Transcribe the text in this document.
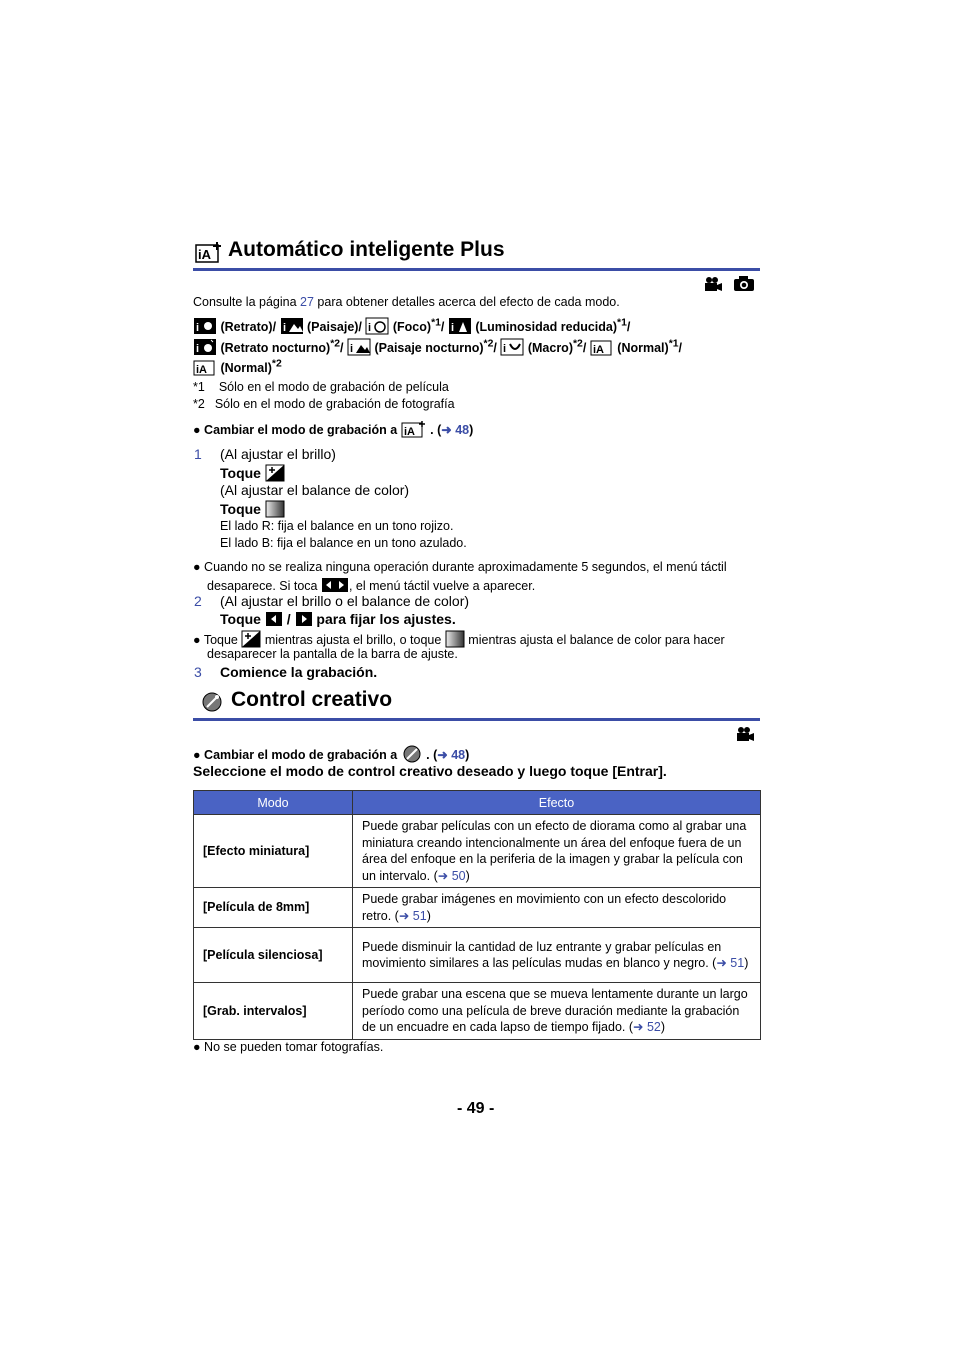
iA Automático inteligente Plus
Consulte la página 27 para obtener detalles acerca del efecto de cada modo.
i (Retrato)/ i (Paisaje)/ i (Foco)$^{*1}$/ i (Luminosidad reducida)$^{*1}$/
i (Retrato nocturno)$^{*2}$/ i (Paisaje nocturno)$^{*2}$/ i (Macro)$^{*2}$/ iA (Normal)$^{*1}$/
iA (Normal)$^{*2}$
*1 Sólo en el modo de grabación de película
*2 Sólo en el modo de grabación de fotografía
● Cambiar el modo de grabación a iA . (➜ 48)
1 (Al ajustar el brillo)
Toque
(Al ajustar el balance de color)
Toque
El lado R: fija el balance en un tono rojizo.
El lado B: fija el balance en un tono azulado.
● Cuando no se realiza ninguna operación durante aproximadamente 5 segundos, el menú táctil
desaparece. Si toca	, el menú táctil vuelve a aparecer.
2 (Al ajustar el brillo o el balance de color)
Toque / para fijar los ajustes.
● Toque mientras ajusta el brillo, o toque mientras ajusta el balance de color para hacer
desaparecer la pantalla de la barra de ajuste.
3 Comience la grabación.
Control creativo
● Cambiar el modo de grabación a . (➜ 48)
Seleccione el modo de control creativo deseado y luego toque [Entrar].
Modo	Efecto
[Efecto miniatura]	Puede grabar películas con un efecto de diorama como al grabar una miniatura creando intencionalmente un área del enfoque fuera de un área del enfoque en la periferia de la imagen y grabar la película con un intervalo. (➜ 50)
[Película de 8mm]	Puede grabar imágenes en movimiento con un efecto descolorido retro. (➜ 51)
[Película silenciosa]	Puede disminuir la cantidad de luz entrante y grabar películas en movimiento similares a las películas mudas en blanco y negro. (➜ 51)
[Grab. intervalos]	Puede grabar una escena que se mueva lentamente durante un largo período como una película de breve duración mediante la grabación de un encuadre en cada lapso de tiempo fijado. (➜ 52)
● No se pueden tomar fotografías.
- 49 -
